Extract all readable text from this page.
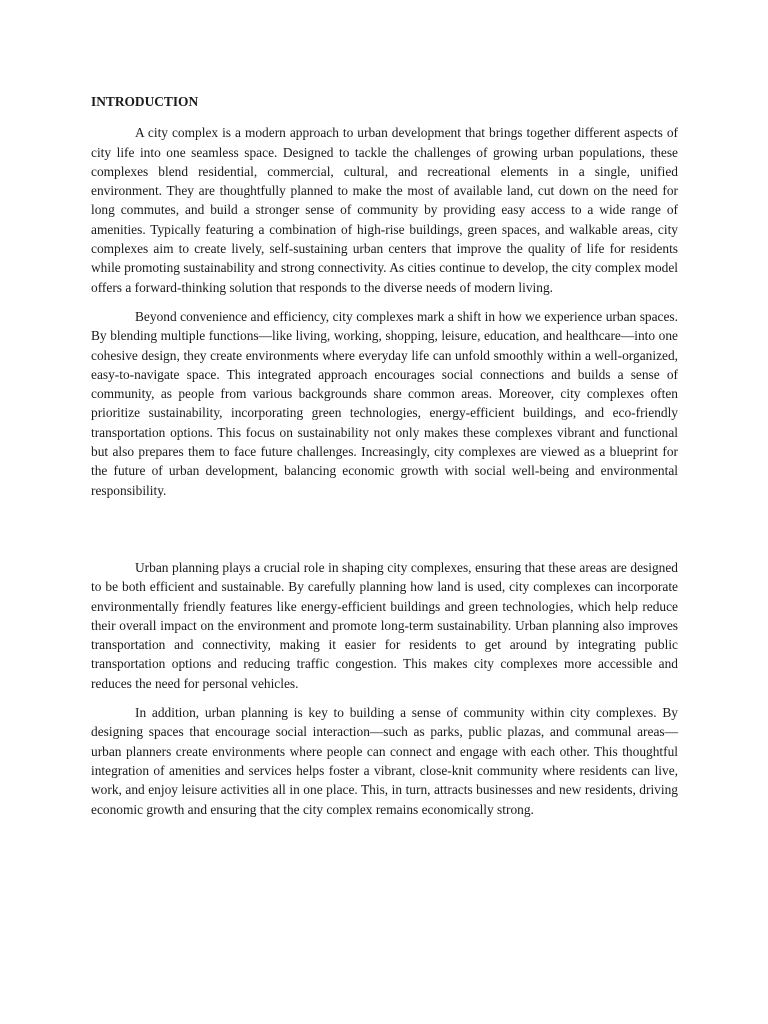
INTRODUCTION

A city complex is a modern approach to urban development that brings together different aspects of city life into one seamless space. Designed to tackle the challenges of growing urban populations, these complexes blend residential, commercial, cultural, and recreational elements in a single, unified environment. They are thoughtfully planned to make the most of available land, cut down on the need for long commutes, and build a stronger sense of community by providing easy access to a wide range of amenities. Typically featuring a combination of high-rise buildings, green spaces, and walkable areas, city complexes aim to create lively, self-sustaining urban centers that improve the quality of life for residents while promoting sustainability and strong connectivity. As cities continue to develop, the city complex model offers a forward-thinking solution that responds to the diverse needs of modern living.

Beyond convenience and efficiency, city complexes mark a shift in how we experience urban spaces. By blending multiple functions—like living, working, shopping, leisure, education, and healthcare—into one cohesive design, they create environments where everyday life can unfold smoothly within a well-organized, easy-to-navigate space. This integrated approach encourages social connections and builds a sense of community, as people from various backgrounds share common areas. Moreover, city complexes often prioritize sustainability, incorporating green technologies, energy-efficient buildings, and eco-friendly transportation options. This focus on sustainability not only makes these complexes vibrant and functional but also prepares them to face future challenges. Increasingly, city complexes are viewed as a blueprint for the future of urban development, balancing economic growth with social well-being and environmental responsibility.

Urban planning plays a crucial role in shaping city complexes, ensuring that these areas are designed to be both efficient and sustainable. By carefully planning how land is used, city complexes can incorporate environmentally friendly features like energy-efficient buildings and green technologies, which help reduce their overall impact on the environment and promote long-term sustainability. Urban planning also improves transportation and connectivity, making it easier for residents to get around by integrating public transportation options and reducing traffic congestion. This makes city complexes more accessible and reduces the need for personal vehicles.

In addition, urban planning is key to building a sense of community within city complexes. By designing spaces that encourage social interaction—such as parks, public plazas, and communal areas—urban planners create environments where people can connect and engage with each other. This thoughtful integration of amenities and services helps foster a vibrant, close-knit community where residents can live, work, and enjoy leisure activities all in one place. This, in turn, attracts businesses and new residents, driving economic growth and ensuring that the city complex remains economically strong.
